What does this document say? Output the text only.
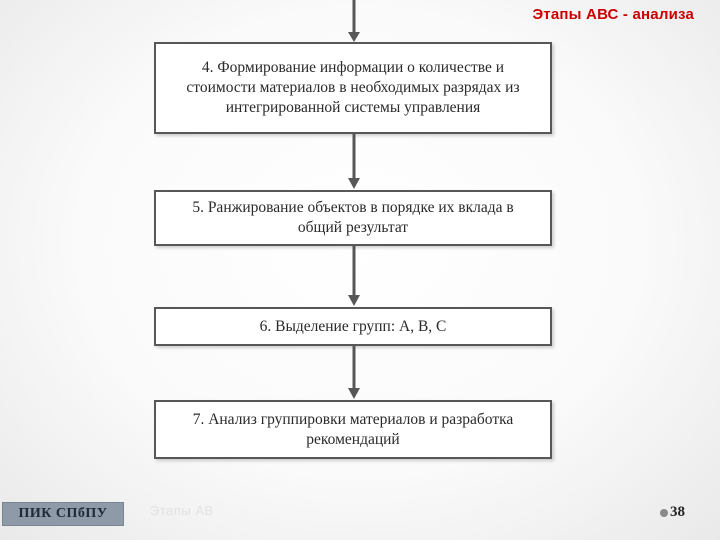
Этапы АВС - анализа
4. Формирование информации о количестве и стоимости материалов в необходимых разрядах из интегрированной системы управления
5. Ранжирование объектов в порядке их вклада в общий результат
6. Выделение групп: А, В, С
7. Анализ группировки материалов и разработка рекомендаций
ПИК СПбПУ	Этапы АВ	38
